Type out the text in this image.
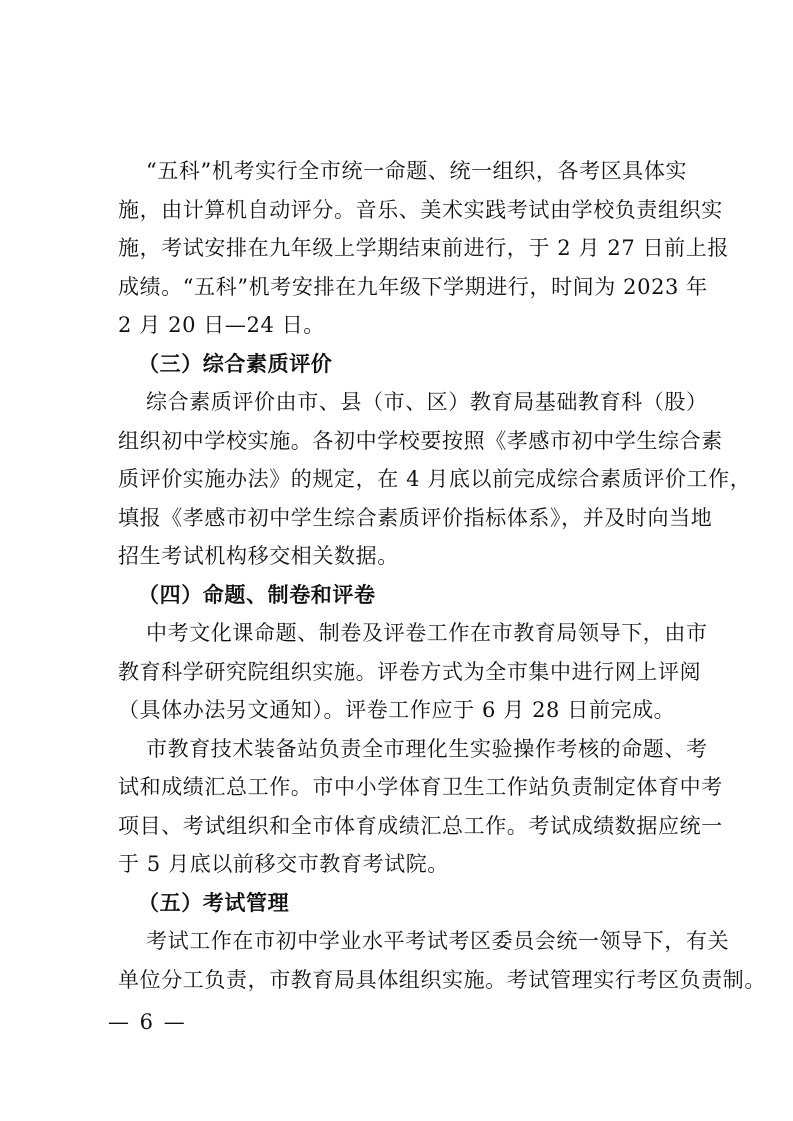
“五科”机考实行全市统一命题、统一组织，各考区具体实
施，由计算机自动评分。音乐、美术实践考试由学校负责组织实
施，考试安排在九年级上学期结束前进行，于 2 月 27 日前上报
成绩。“五科”机考安排在九年级下学期进行，时间为 2023 年
2 月 20 日—24 日。

（三）综合素质评价

综合素质评价由市、县（市、区）教育局基础教育科（股）
组织初中学校实施。各初中学校要按照《孝感市初中学生综合素
质评价实施办法》的规定，在 4 月底以前完成综合素质评价工作，
填报《孝感市初中学生综合素质评价指标体系》，并及时向当地
招生考试机构移交相关数据。

（四）命题、制卷和评卷

中考文化课命题、制卷及评卷工作在市教育局领导下，由市
教育科学研究院组织实施。评卷方式为全市集中进行网上评阅
（具体办法另文通知）。评卷工作应于 6 月 28 日前完成。

市教育技术装备站负责全市理化生实验操作考核的命题、考
试和成绩汇总工作。市中小学体育卫生工作站负责制定体育中考
项目、考试组织和全市体育成绩汇总工作。考试成绩数据应统一
于 5 月底以前移交市教育考试院。

（五）考试管理

考试工作在市初中学业水平考试考区委员会统一领导下，有关
单位分工负责，市教育局具体组织实施。考试管理实行考区负责制。

— 6 —
